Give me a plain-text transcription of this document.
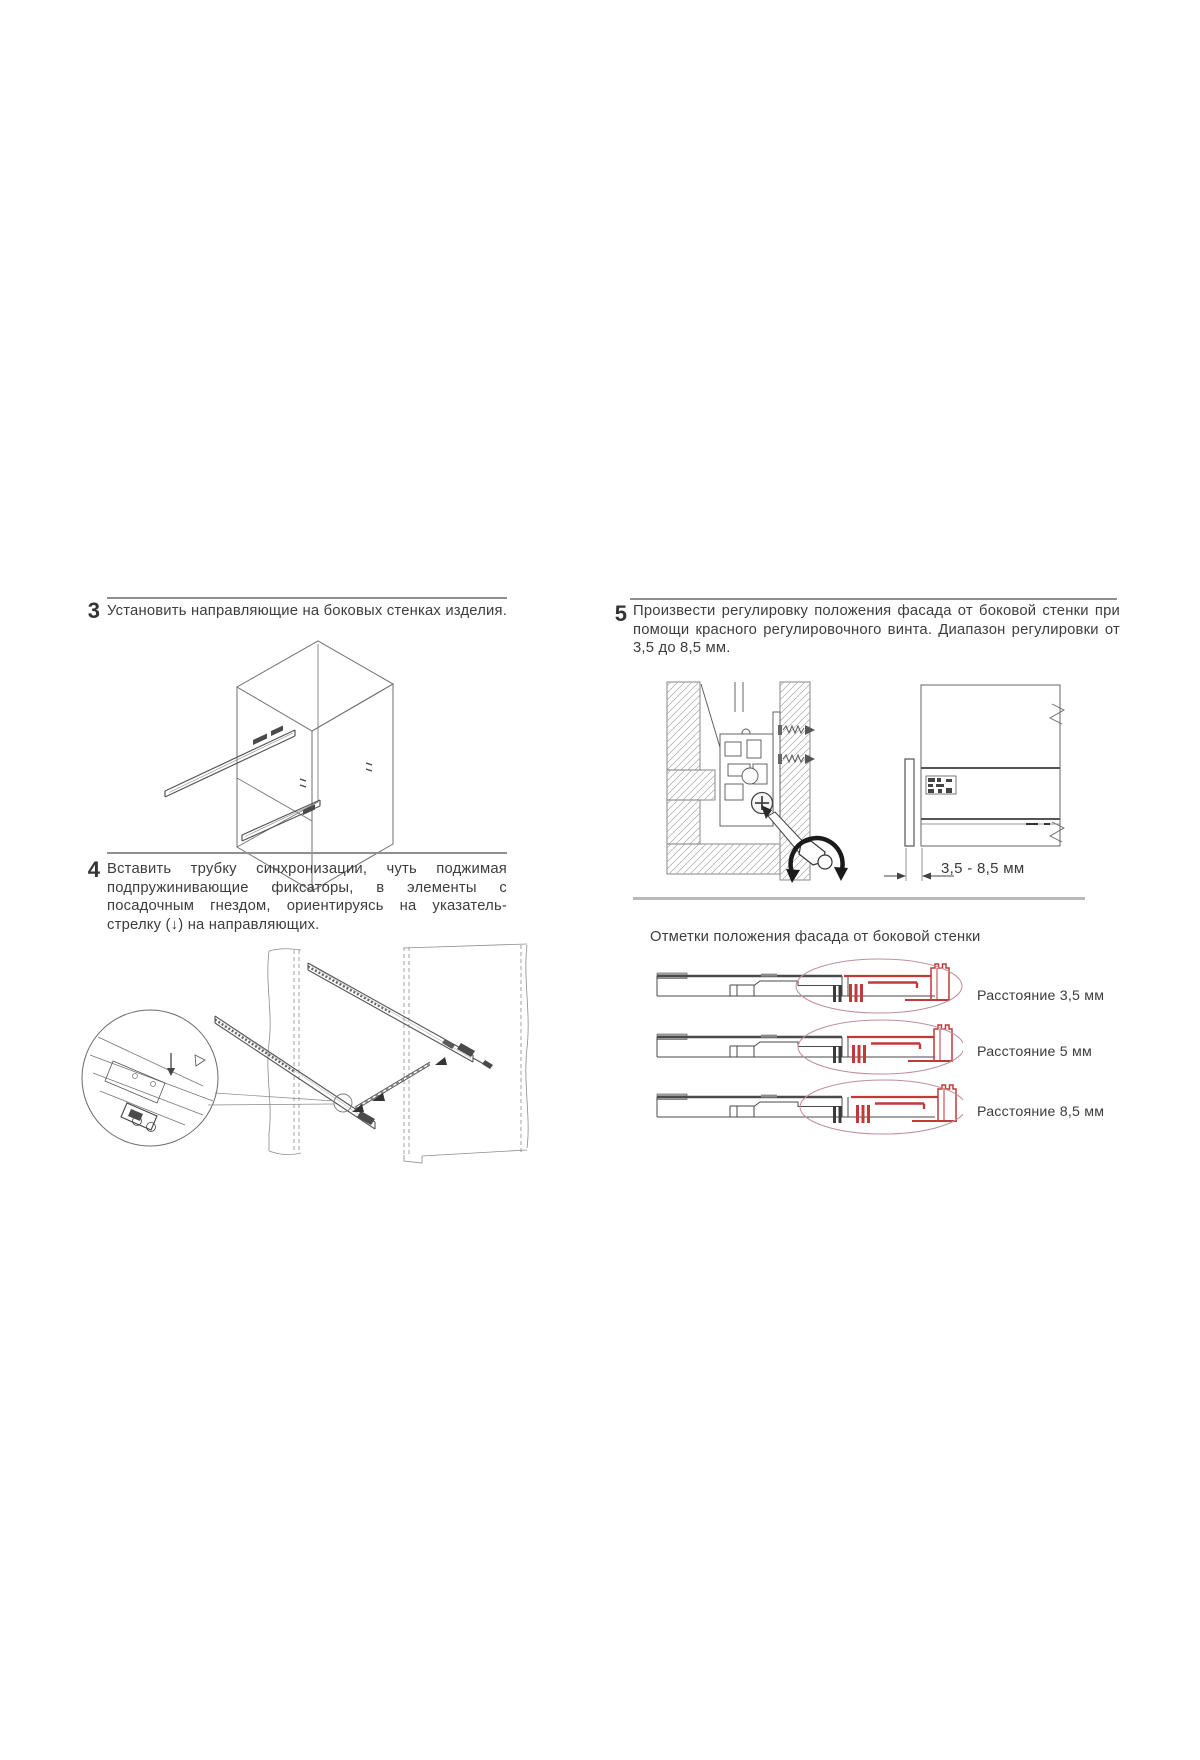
3 Установить направляющие на боковых стенках изделия.

4 Вставить трубку синхронизации, чуть поджимая подпружинивающие фиксаторы, в элементы с посадочным гнездом, ориентируясь на указатель-стрелку (↓) на направляющих.

5 Произвести регулировку положения фасада от боковой стенки при помощи красного регулировочного винта. Диапазон регулировки от 3,5 до 8,5 мм.

3,5 - 8,5 мм
Отметки положения фасада от боковой стенки
Расстояние 3,5 мм
Расстояние 5 мм
Расстояние 8,5 мм
